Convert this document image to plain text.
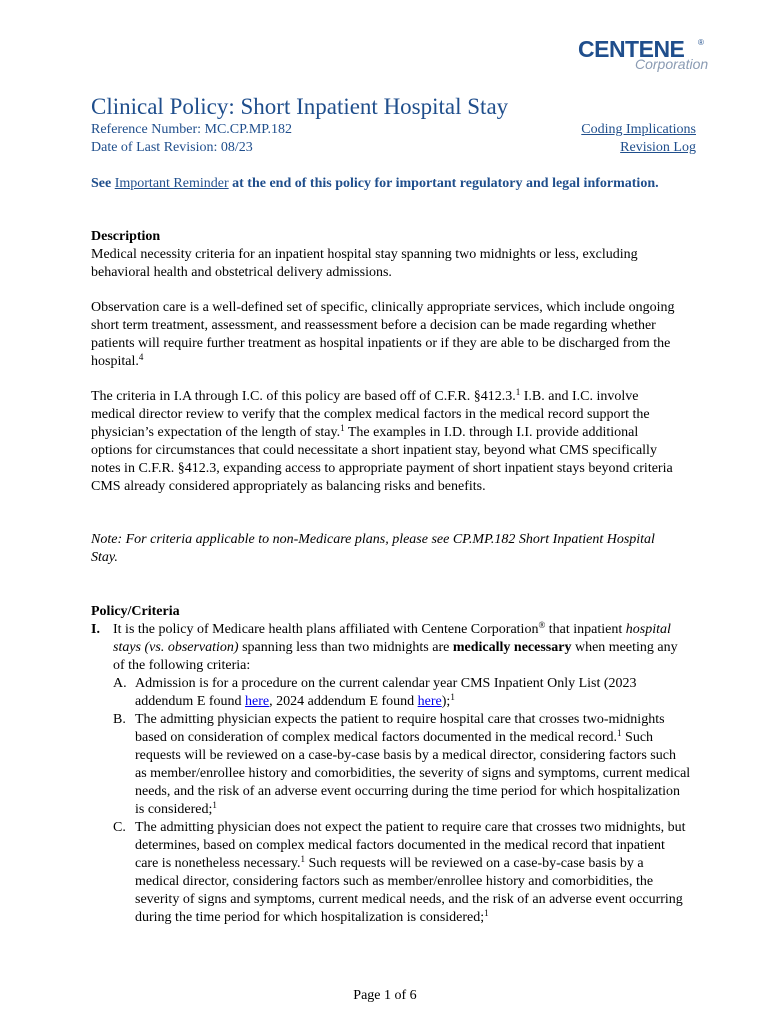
CENTENE ®
Corporation
Clinical Policy: Short Inpatient Hospital Stay
Reference Number: MC.CP.MP.182
Date of Last Revision: 08/23
Coding Implications
Revision Log
See Important Reminder at the end of this policy for important regulatory and legal information.
Description

Medical necessity criteria for an inpatient hospital stay spanning two midnights or less, excluding behavioral health and obstetrical delivery admissions.

Observation care is a well-defined set of specific, clinically appropriate services, which include ongoing short term treatment, assessment, and reassessment before a decision can be made regarding whether patients will require further treatment as hospital inpatients or if they are able to be discharged from the hospital.$^4$

The criteria in I.A through I.C. of this policy are based off of C.F.R. §412.3.$^1$ I.B. and I.C. involve medical director review to verify that the complex medical factors in the medical record support the physician’s expectation of the length of stay.$^1$ The examples in I.D. through I.I. provide additional options for circumstances that could necessitate a short inpatient stay, beyond what CMS specifically notes in C.F.R. §412.3, expanding access to appropriate payment of short inpatient stays beyond criteria CMS already considered appropriately as balancing risks and benefits.

Note: For criteria applicable to non-Medicare plans, please see CP.MP.182 Short Inpatient Hospital Stay.

Policy/Criteria
I. It is the policy of Medicare health plans affiliated with Centene Corporation® that inpatient hospital stays (vs. observation) spanning less than two midnights are medically necessary when meeting any of the following criteria:

A. Admission is for a procedure on the current calendar year CMS Inpatient Only List (2023 addendum E found here, 2024 addendum E found here);$^1$

B. The admitting physician expects the patient to require hospital care that crosses two-midnights based on consideration of complex medical factors documented in the medical record.$^1$ Such requests will be reviewed on a case-by-case basis by a medical director, considering factors such as member/enrollee history and comorbidities, the severity of signs and symptoms, current medical needs, and the risk of an adverse event occurring during the time period for which hospitalization is considered;$^1$

C. The admitting physician does not expect the patient to require care that crosses two midnights, but determines, based on complex medical factors documented in the medical record that inpatient care is nonetheless necessary.$^1$ Such requests will be reviewed on a case-by-case basis by a medical director, considering factors such as member/enrollee history and comorbidities, the severity of signs and symptoms, current medical needs, and the risk of an adverse event occurring during the time period for which hospitalization is considered;$^1$

Page 1 of 6
